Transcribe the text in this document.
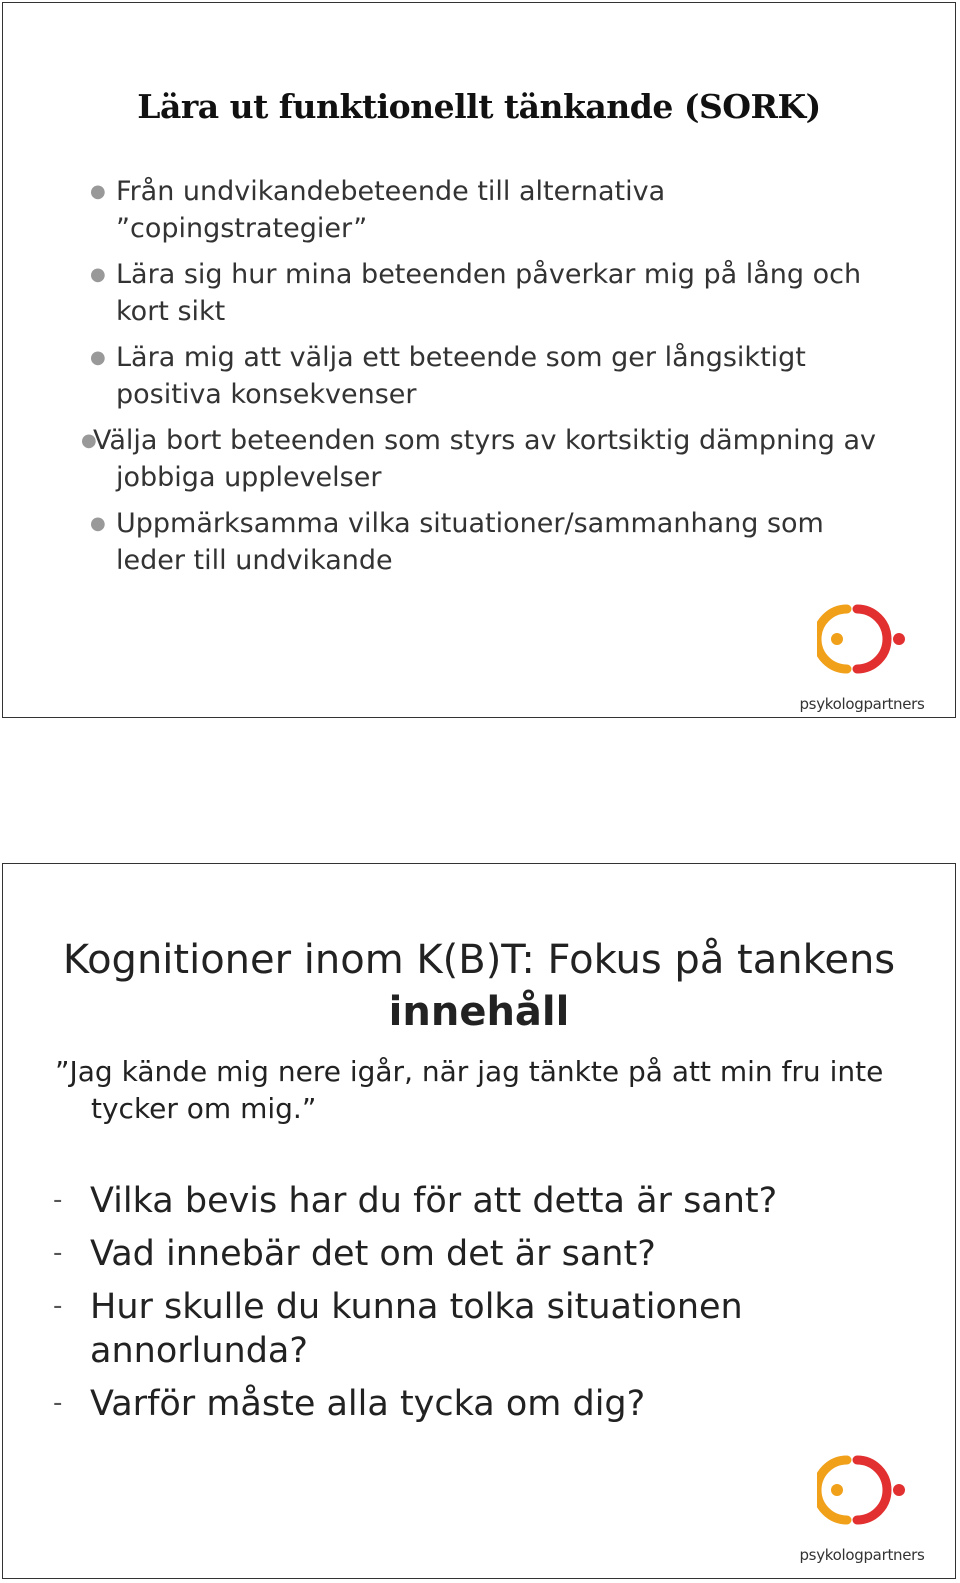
Lära ut funktionellt tänkande (SORK)
● Från undvikandebeteende till alternativa ”copingstrategier”
● Lära sig hur mina beteenden påverkar mig på lång och kort sikt
● Lära mig att välja ett beteende som ger långsiktigt positiva konsekvenser
●Välja bort beteenden som styrs av kortsiktig dämpning av jobbiga upplevelser
● Uppmärksamma vilka situationer/sammanhang som leder till undvikande
psykologpartners
Kognitioner inom K(B)T: Fokus på tankens
innehåll

”Jag kände mig nere igår, när jag tänkte på att min fru inte tycker om mig.”

- Vilka bevis har du för att detta är sant?
- Vad innebär det om det är sant?
- Hur skulle du kunna tolka situationen annorlunda?
- Varför måste alla tycka om dig?
psykologpartners
